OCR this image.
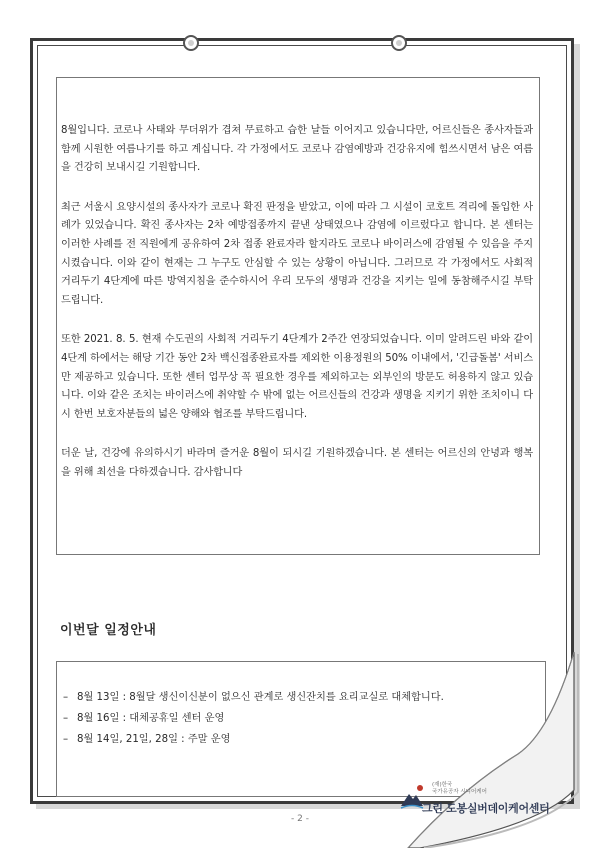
8월입니다. 코로나 사태와 무더위가 겹쳐 무료하고 습한 날들 이어지고 있습니다만, 어르신들은 종사자들과 함께 시원한 여름나기를 하고 계십니다. 각 가정에서도 코로나 감염예방과 건강유지에 힘쓰시면서 남은 여름을 건강히 보내시길 기원합니다.

최근 서울시 요양시설의 종사자가 코로나 확진 판정을 받았고, 이에 따라 그 시설이 코호트 격리에 돌입한 사례가 있었습니다. 확진 종사자는 2차 예방접종까지 끝낸 상태였으나 감염에 이르렀다고 합니다. 본 센터는 이러한 사례를 전 직원에게 공유하여 2차 접종 완료자라 할지라도 코로나 바이러스에 감염될 수 있음을 주지시켰습니다. 이와 같이 현재는 그 누구도 안심할 수 있는 상황이 아닙니다. 그러므로 각 가정에서도 사회적 거리두기 4단계에 따른 방역지침을 준수하시어 우리 모두의 생명과 건강을 지키는 일에 동참해주시길 부탁드립니다.

또한 2021. 8. 5. 현재 수도권의 사회적 거리두기 4단계가 2주간 연장되었습니다. 이미 알려드린 바와 같이 4단계 하에서는 해당 기간 동안 2차 백신접종완료자를 제외한 이용정원의 50% 이내에서, '긴급돌봄' 서비스만 제공하고 있습니다. 또한 센터 업무상 꼭 필요한 경우를 제외하고는 외부인의 방문도 허용하지 않고 있습니다. 이와 같은 조치는 바이러스에 취약할 수 밖에 없는 어르신들의 건강과 생명을 지키기 위한 조치이니 다시 한번 보호자분들의 넓은 양해와 협조를 부탁드립니다.

더운 날, 건강에 유의하시기 바라며 즐거운 8월이 되시길 기원하겠습니다. 본 센터는 어르신의 안녕과 행복을 위해 최선을 다하겠습니다. 감사합니다

이번달 일정안내
– 8월 13일 : 8월달 생신이신분이 없으신 관계로 생신잔치를 요리교실로 대체합니다.
– 8월 16일 : 대체공휴일 센터 운영
– 8월 14일, 21일, 28일 : 주말 운영
(재)한국
국가유공자 시니어케어
그린 도봉실버데이케어센터
- 2 -
